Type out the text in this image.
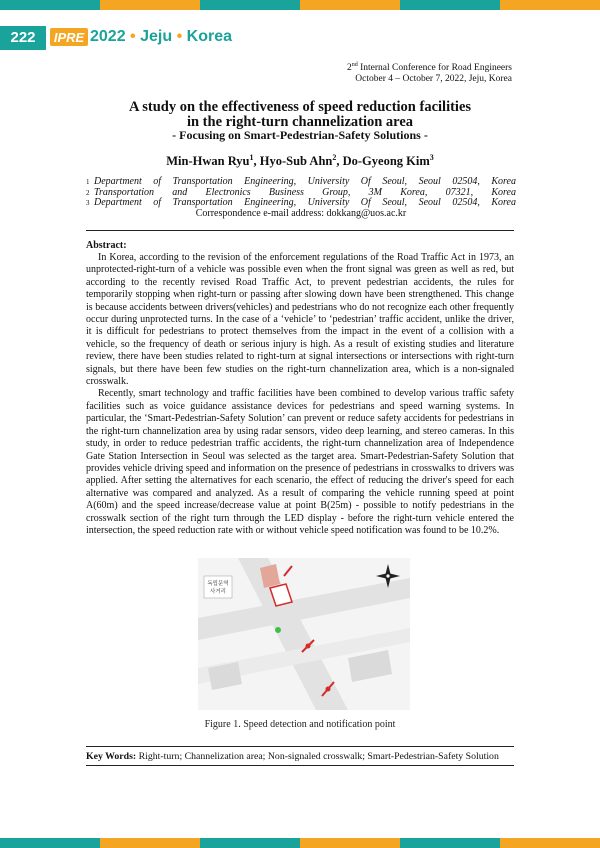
222	IPRE 2022 • Jeju • Korea
2nd Internal Conference for Road Engineers
October 4 – October 7, 2022, Jeju, Korea
A study on the effectiveness of speed reduction facilities
in the right-turn channelization area
- Focusing on Smart-Pedestrian-Safety Solutions -
Min-Hwan Ryu$^1$, Hyo-Sub Ahn$^2$, Do-Gyeong Kim$^3$
1 Department of Transportation Engineering, University Of Seoul, Seoul 02504, Korea
2 Transportation and Electronics Business Group, 3M Korea, 07321, Korea
3 Department of Transportation Engineering, University Of Seoul, Seoul 02504, Korea
Correspondence e-mail address: dokkang@uos.ac.kr
Abstract:

In Korea, according to the revision of the enforcement regulations of the Road Traffic Act in 1973, an unprotected-right-turn of a vehicle was possible even when the front signal was green as well as red, but according to the recently revised Road Traffic Act, to prevent pedestrian accidents, the rules for temporarily stopping when right-turn or passing after slowing down have been strengthened. This change is because accidents between drivers(vehicles) and pedestrians who do not recognize each other frequently occur during unprotected turns. In the case of a ‘vehicle’ to ‘pedestrian’ traffic accident, unlike the driver, it is difficult for pedestrians to protect themselves from the impact in the event of a collision with a vehicle, so the frequency of death or serious injury is high. As a result of existing studies and literature review, there have been studies related to right-turn at signal intersections or intersections with right-turn signals, but there have been few studies on the right-turn channelization area, which is a non-signaled crosswalk.

Recently, smart technology and traffic facilities have been combined to develop various traffic safety facilities such as voice guidance assistance devices for pedestrians and speed warning systems. In particular, the ‘Smart-Pedestrian-Safety Solution’ can prevent or reduce safety accidents for pedestrians in the right-turn channelization area by using radar sensors, video deep learning, and stereo cameras. In this study, in order to reduce pedestrian traffic accidents, the right-turn channelization area of Independence Gate Station Intersection in Seoul was selected as the target area. Smart-Pedestrian-Safety Solution that provides vehicle driving speed and information on the presence of pedestrians in crosswalks to drivers was applied. After setting the alternatives for each scenario, the effect of reducing the driver's speed for each alternative was compared and analyzed. As a result of comparing the vehicle running speed at point A(60m) and the speed increase/decrease value at point B(25m) - possible to notify pedestrians in the crosswalk section of the right turn through the LED display - before the right-turn vehicle entered the intersection, the speed reduction rate with or without vehicle speed notification was found to be 10.2%.

독립문역
사거리
Figure 1. Speed detection and notification point
Key Words: Right-turn; Channelization area; Non-signaled crosswalk; Smart-Pedestrian-Safety Solution
